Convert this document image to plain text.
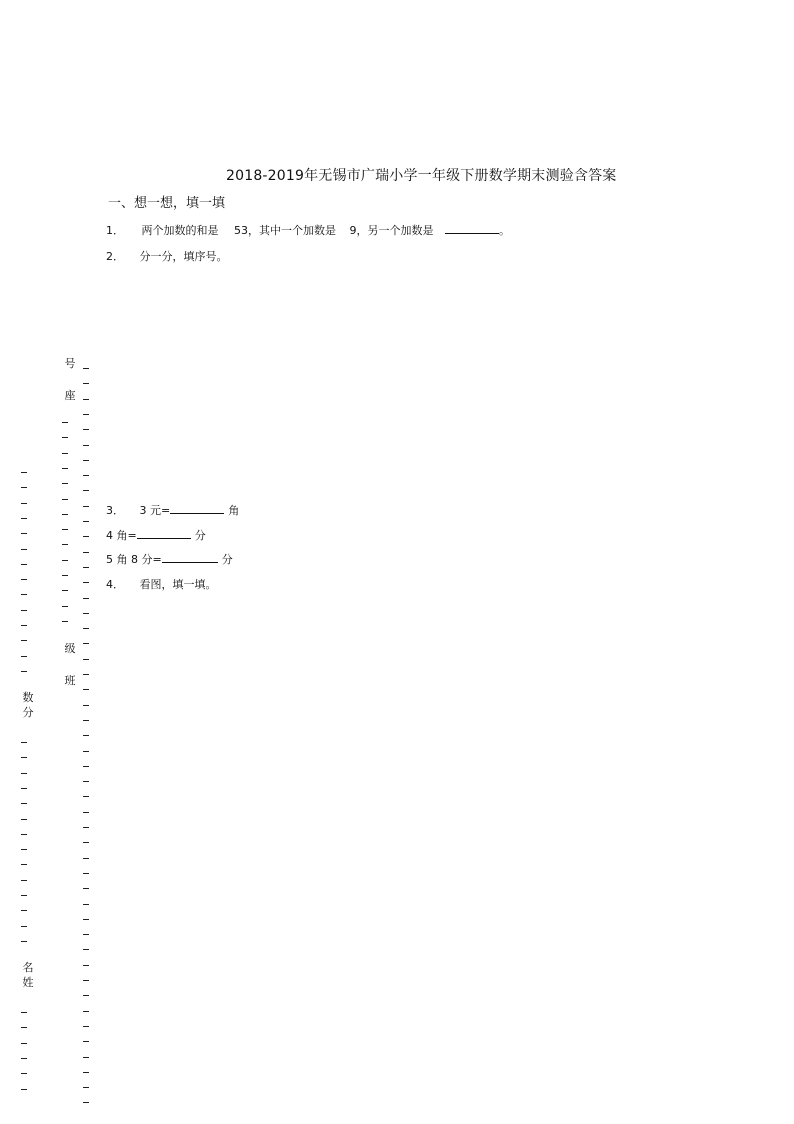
2018-2019年无锡市广瑞小学一年级下册数学期末测验含答案
一、想一想，填一填
1． 两个加数的和是 53，其中一个加数是 9，另一个加数是	。
2． 分一分，填序号。
3． 3 元=	角
4 角=	分
5 角 8 分=	分
4． 看图，填一填。
号
座
级
班
数
分
名
姓
